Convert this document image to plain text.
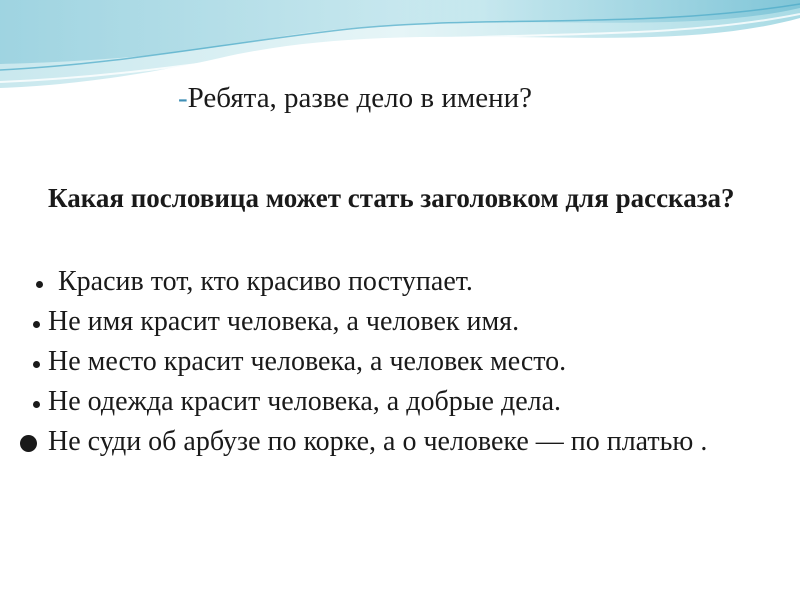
-Ребята, разве дело в имени?
Какая пословица может стать заголовком для рассказа?
Красив тот, кто красиво поступает.
Не имя красит человека, а человек имя.
Не место красит человека, а человек место.
Не одежда красит человека, а добрые дела.
Не суди об арбузе по корке, а о человеке — по платью .
